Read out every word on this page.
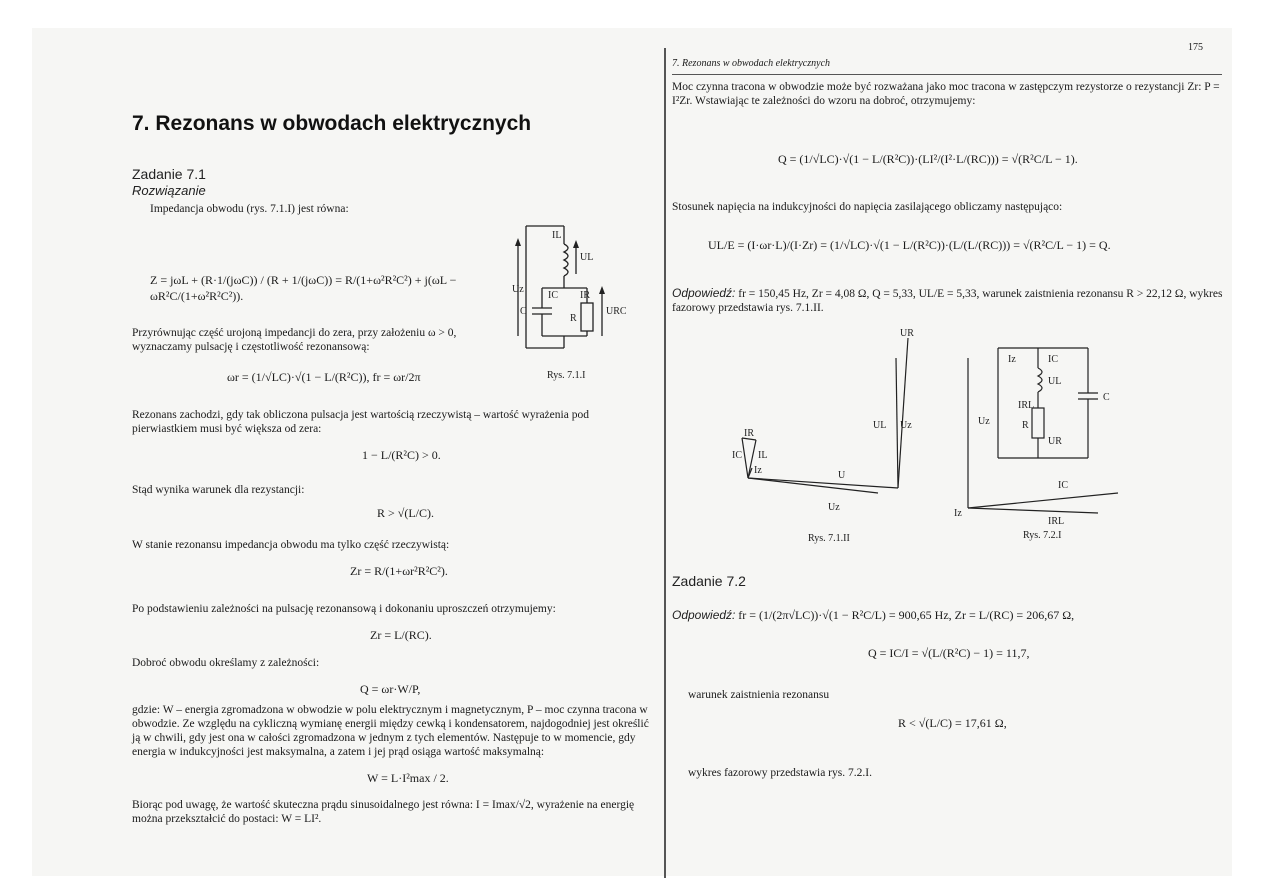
7. Rezonans w obwodach elektrycznych
Zadanie 7.1
Rozwiązanie
Impedancja obwodu (rys. 7.1.I) jest równa:
Z = jωL + (R·1/(jωC)) / (R + 1/(jωC)) = R/(1+ω²R²C²) + j(ωL − ωR²C/(1+ω²R²C²)).
IL
UL
IC IR
Uz
C
R
URC
Rys. 7.1.I
Przyrównując część urojoną impedancji do zera, przy założeniu ω > 0, wyznaczamy pulsację i częstotliwość rezonansową:
ωr = (1/√LC)·√(1 − L/(R²C)), fr = ωr/2π
Rezonans zachodzi, gdy tak obliczona pulsacja jest wartością rzeczywistą – wartość wyrażenia pod pierwiastkiem musi być większa od zera:
1 − L/(R²C) > 0.
Stąd wynika warunek dla rezystancji:
R > √(L/C).
W stanie rezonansu impedancja obwodu ma tylko część rzeczywistą:
Zr = R/(1+ωr²R²C²).
Po podstawieniu zależności na pulsację rezonansową i dokonaniu uproszczeń otrzymujemy:
Zr = L/(RC).
Dobroć obwodu określamy z zależności:
Q = ωr·W/P,
gdzie: W – energia zgromadzona w obwodzie w polu elektrycznym i magnetycznym, P – moc czynna tracona w obwodzie. Ze względu na cykliczną wymianę energii między cewką i kondensatorem, najdogodniej jest określić ją w chwili, gdy jest ona w całości zgromadzona w jednym z tych elementów. Następuje to w momencie, gdy energia w indukcyjności jest maksymalna, a zatem i jej prąd osiąga wartość maksymalną:
W = L·I²max / 2.
Biorąc pod uwagę, że wartość skuteczna prądu sinusoidalnego jest równa: I = Imax/√2, wyrażenie na energię można przekształcić do postaci: W = LI².
7. Rezonans w obwodach elektrycznych
175
Moc czynna tracona w obwodzie może być rozważana jako moc tracona w zastępczym rezystorze o rezystancji Zr: P = I²Zr. Wstawiając te zależności do wzoru na dobroć, otrzymujemy:
Q = (1/√LC)·√(1 − L/(R²C))·(LI²/(I²·L/(RC))) = √(R²C/L − 1).
Stosunek napięcia na indukcyjności do napięcia zasilającego obliczamy następująco:
UL/E = (I·ωr·L)/(I·Zr) = (1/√LC)·√(1 − L/(R²C))·(L/(L/(RC))) = √(R²C/L − 1) = Q.
Odpowiedź: fr = 150,45 Hz, Zr = 4,08 Ω, Q = 5,33, UL/E = 5,33, warunek zaistnienia rezonansu R > 22,12 Ω, wykres fazorowy przedstawia rys. 7.1.II.
UR
UL Uz
IR
IC IL
Iz	U
Uz
Rys. 7.1.II
Iz	IC
UL
IRL
Uz	R
UR
C
IC
Iz
IRL
Rys. 7.2.I
Zadanie 7.2
Odpowiedź: fr = (1/(2π√LC))·√(1 − R²C/L) = 900,65 Hz, Zr = L/(RC) = 206,67 Ω,
Q = IC/I = √(L/(R²C) − 1) = 11,7,
warunek zaistnienia rezonansu
R < √(L/C) = 17,61 Ω,
wykres fazorowy przedstawia rys. 7.2.I.
